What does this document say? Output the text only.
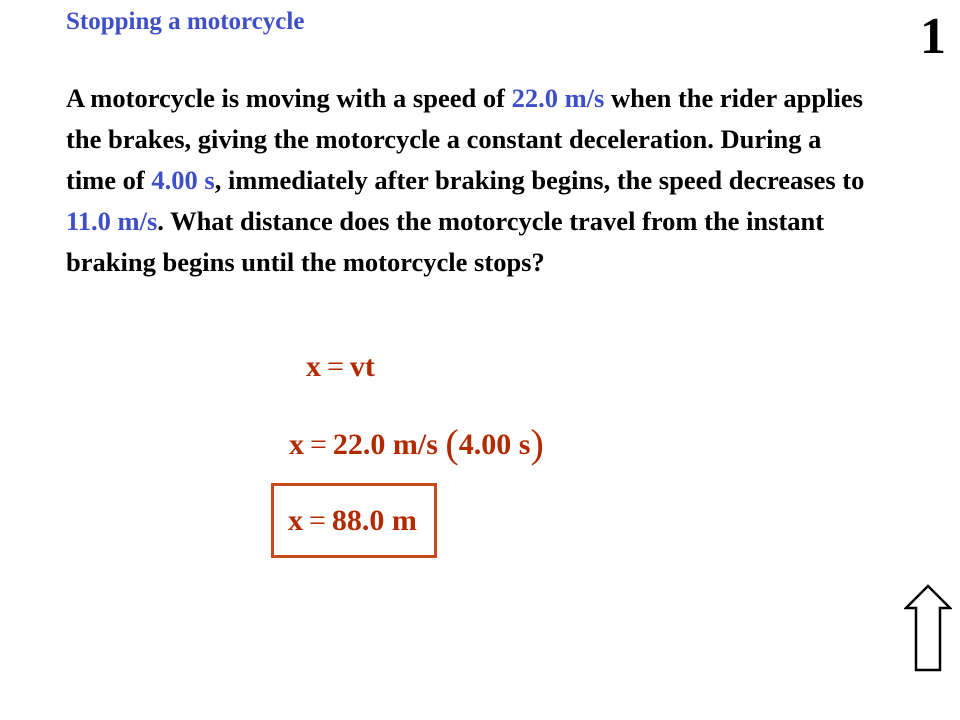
Stopping a motorcycle	1
A motorcycle is moving with a speed of 22.0 m/s when the rider applies the brakes, giving the motorcycle a constant deceleration. During a time of 4.00 s, immediately after braking begins, the speed decreases to 11.0 m/s. What distance does the motorcycle travel from the instant braking begins until the motorcycle stops?
x = vt
x = 22.0 m/s (4.00 s)
x = 88.0 m
